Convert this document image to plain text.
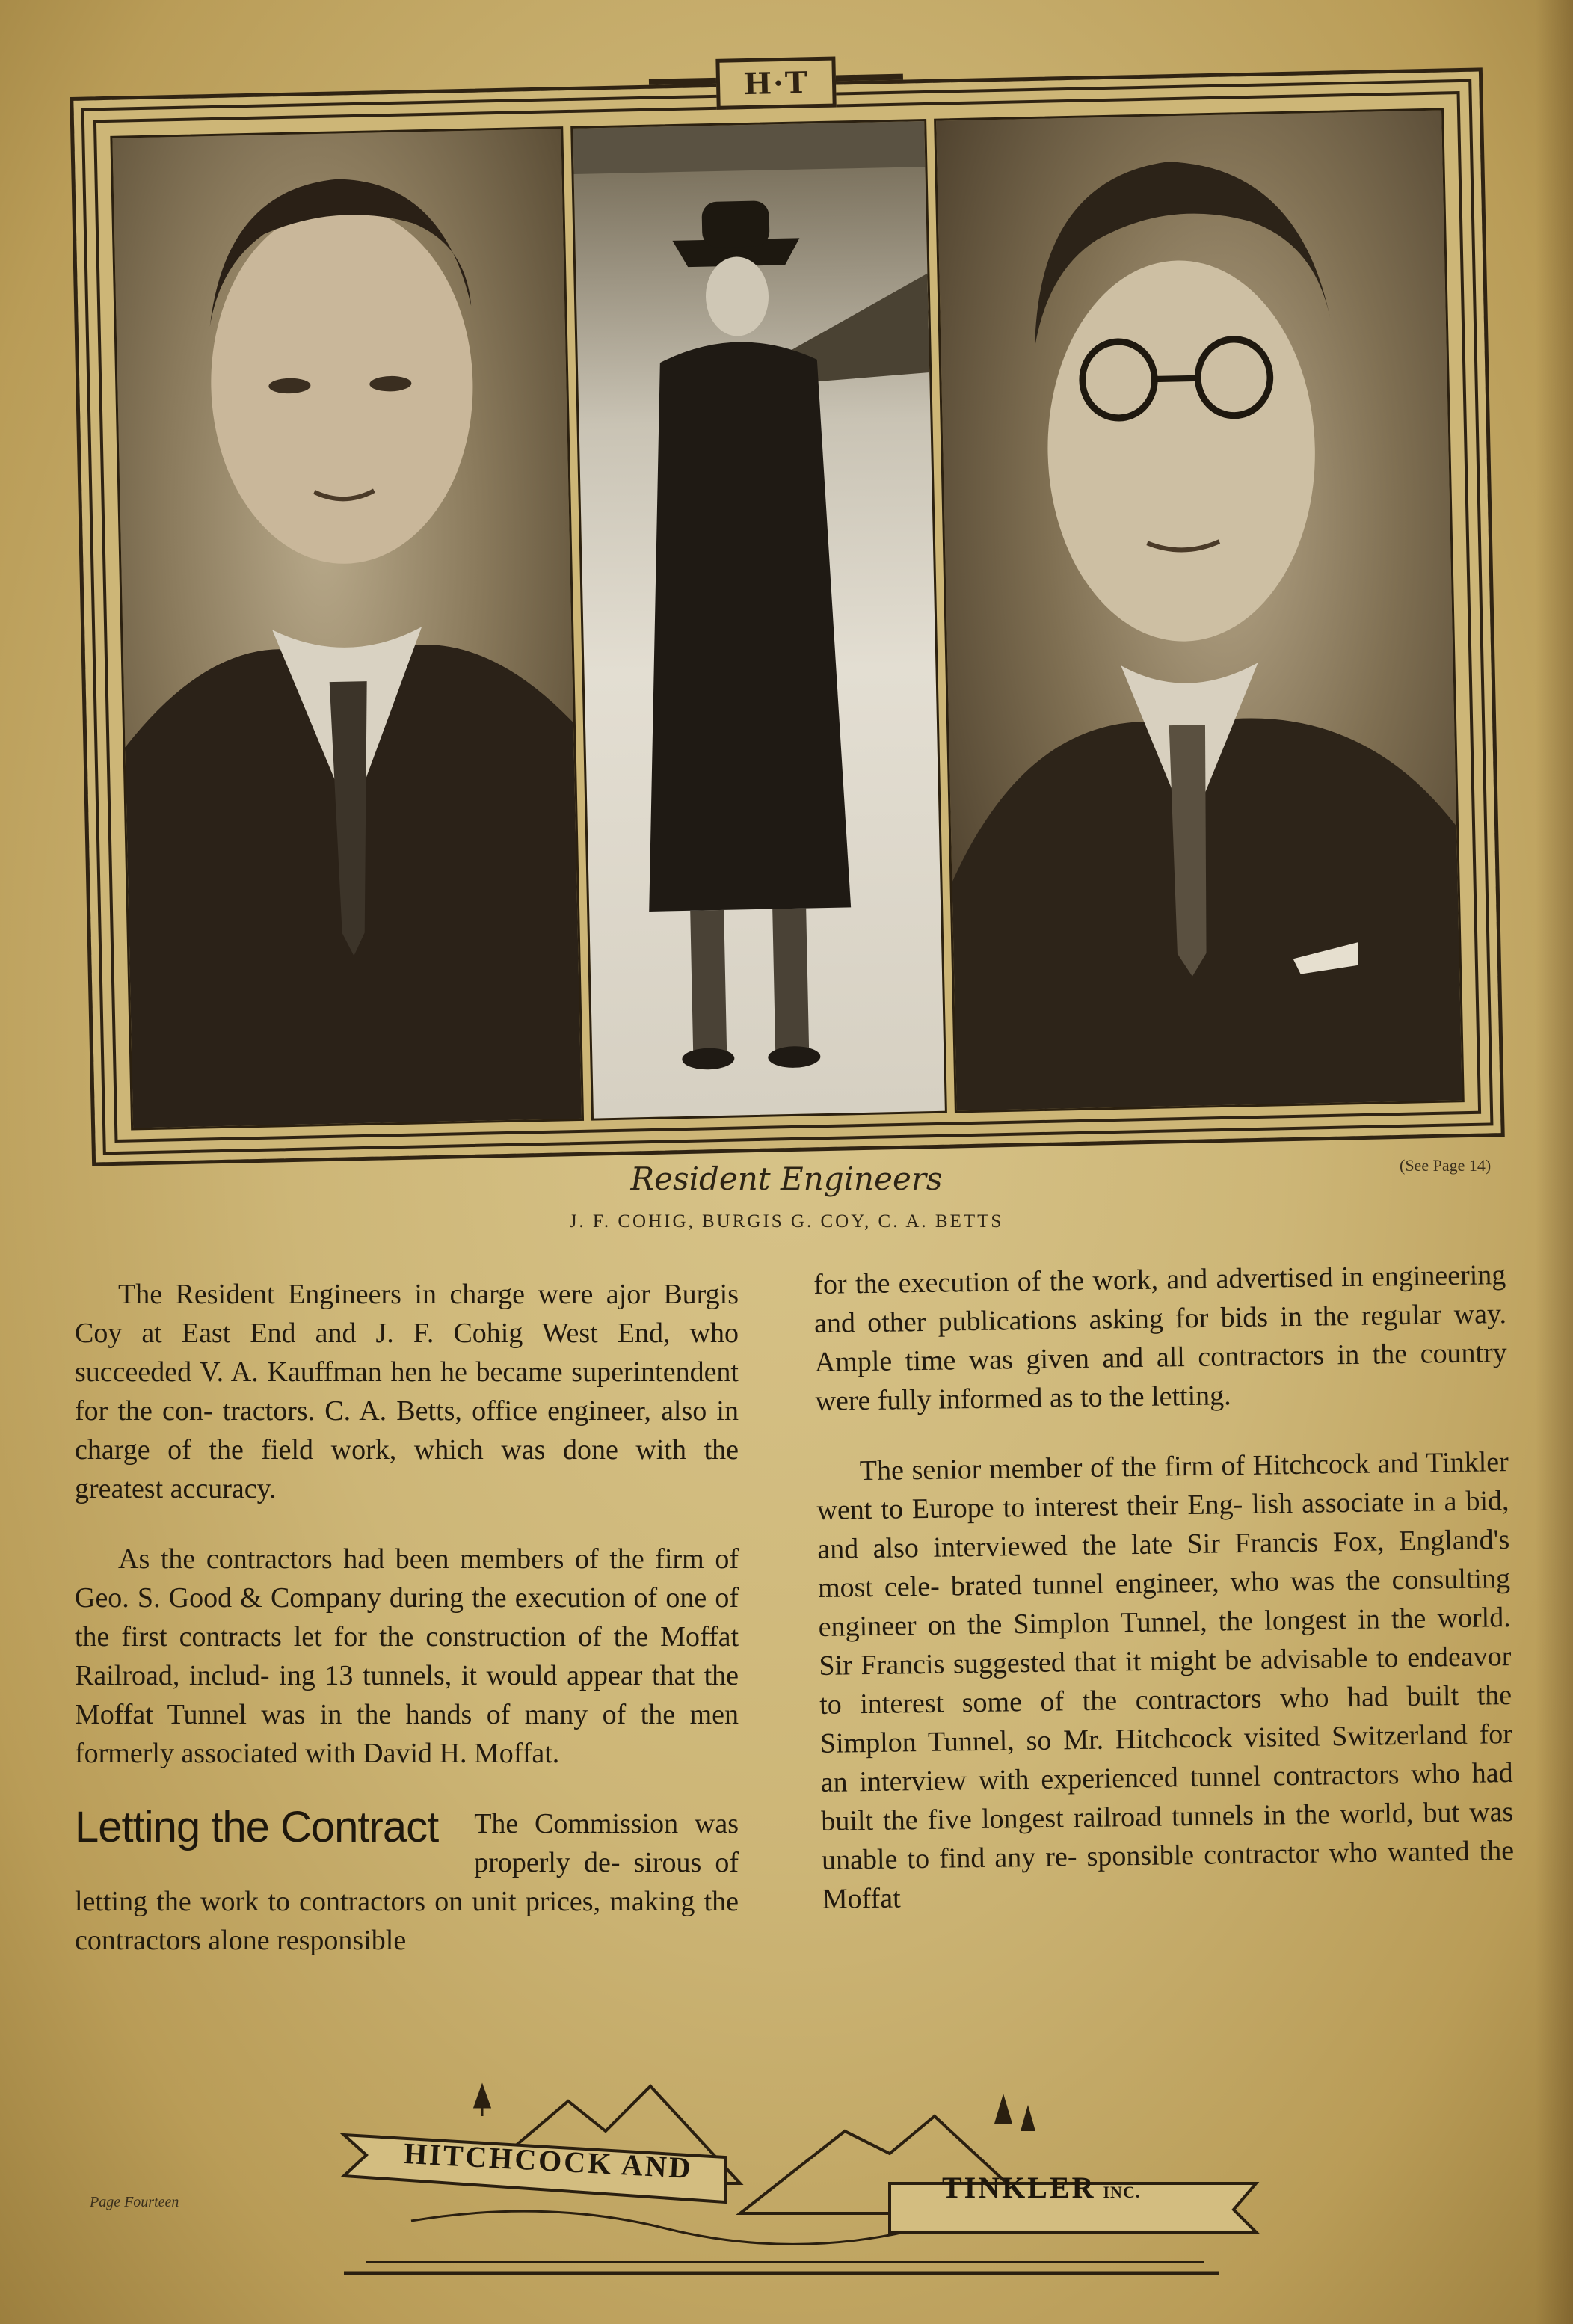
H·T
Resident Engineers	(See Page 14)
J. F. COHIG, BURGIS G. COY, C. A. BETTS

The Resident Engineers in charge were ajor Burgis Coy at East End and J. F. Cohig West End, who succeeded V. A. Kauffman hen he became superintendent for the con- tractors. C. A. Betts, office engineer, also in charge of the field work, which was done with the greatest accuracy.

As the contractors had been members of the firm of Geo. S. Good & Company during the execution of one of the first contracts let for the construction of the Moffat Railroad, includ- ing 13 tunnels, it would appear that the Moffat Tunnel was in the hands of many of the men formerly associated with David H. Moffat.

Letting the Contract The Commission was properly de- sirous of letting the work to contractors on unit prices, making the contractors alone responsible

for the execution of the work, and advertised in engineering and other publications asking for bids in the regular way. Ample time was given and all contractors in the country were fully informed as to the letting.

The senior member of the firm of Hitchcock and Tinkler went to Europe to interest their Eng- lish associate in a bid, and also interviewed the late Sir Francis Fox, England's most cele- brated tunnel engineer, who was the consulting engineer on the Simplon Tunnel, the longest in the world. Sir Francis suggested that it might be advisable to endeavor to interest some of the contractors who had built the Simplon Tunnel, so Mr. Hitchcock visited Switzerland for an interview with experienced tunnel contractors who had built the five longest railroad tunnels in the world, but was unable to find any re- sponsible contractor who wanted the Moffat

Page Fourteen
HITCHCOCK AND
TINKLER INC.
